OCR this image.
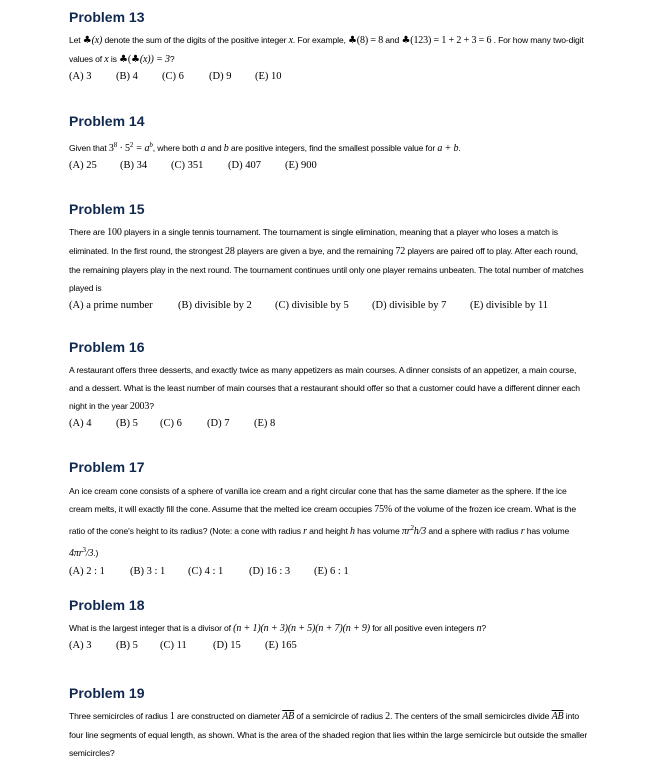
Problem 13

Let ♣(x) denote the sum of the digits of the positive integer x. For example, ♣(8) = 8 and ♣(123) = 1 + 2 + 3 = 6 . For how many two-digit values of x is ♣(♣(x)) = 3?

(A) 3 (B) 4 (C) 6 (D) 9 (E) 10

Problem 14

Given that $3^8 \cdot 5^2 = a^b$, where both a and b are positive integers, find the smallest possible value for a + b.

(A) 25 (B) 34 (C) 351 (D) 407 (E) 900

Problem 15

There are 100 players in a single tennis tournament. The tournament is single elimination, meaning that a player who loses a match is eliminated. In the first round, the strongest 28 players are given a bye, and the remaining 72 players are paired off to play. After each round, the remaining players play in the next round. The tournament continues until only one player remains unbeaten. The total number of matches played is

(A) a prime number (B) divisible by 2 (C) divisible by 5 (D) divisible by 7 (E) divisible by 11

Problem 16

A restaurant offers three desserts, and exactly twice as many appetizers as main courses. A dinner consists of an appetizer, a main course, and a dessert. What is the least number of main courses that a restaurant should offer so that a customer could have a different dinner each night in the year 2003?

(A) 4 (B) 5 (C) 6 (D) 7 (E) 8

Problem 17

An ice cream cone consists of a sphere of vanilla ice cream and a right circular cone that has the same diameter as the sphere. If the ice cream melts, it will exactly fill the cone. Assume that the melted ice cream occupies 75% of the volume of the frozen ice cream. What is the ratio of the cone's height to its radius? (Note: a cone with radius r and height h has volume $\pi r^2h/3$ and a sphere with radius r has volume $4\pi r^3/3$.)

(A) 2 : 1 (B) 3 : 1 (C) 4 : 1 (D) 16 : 3 (E) 6 : 1

Problem 18

What is the largest integer that is a divisor of (n + 1)(n + 3)(n + 5)(n + 7)(n + 9) for all positive even integers n?

(A) 3 (B) 5 (C) 11	(D) 15 (E) 165

Problem 19

Three semicircles of radius 1 are constructed on diameter $\overline{AB}$ of a semicircle of radius 2. The centers of the small semicircles divide $\overline{AB}$ into four line segments of equal length, as shown. What is the area of the shaded region that lies within the large semicircle but outside the smaller semicircles?
